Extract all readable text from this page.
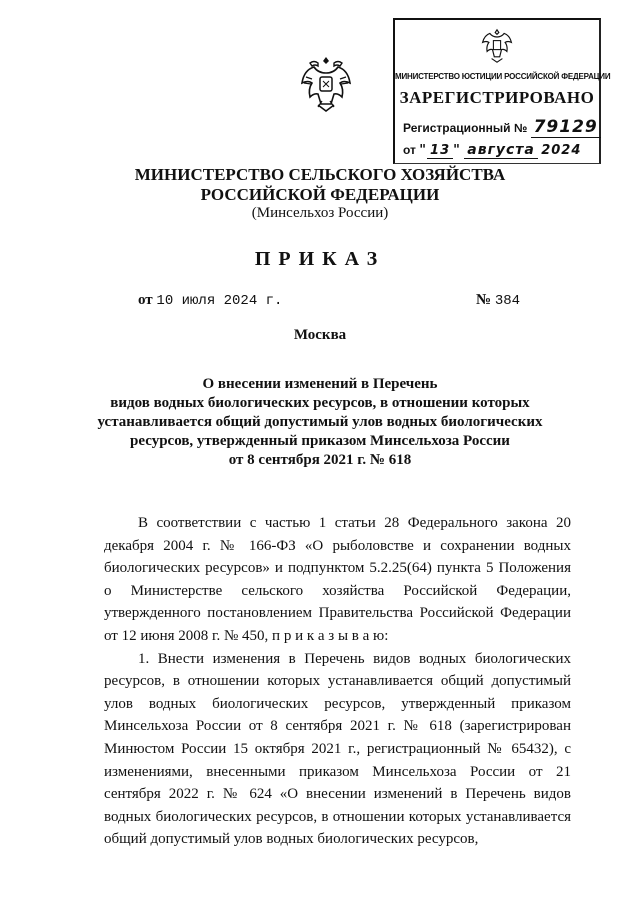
МИНИСТЕРСТВО ЮСТИЦИИ РОССИЙСКОЙ ФЕДЕРАЦИИ
ЗАРЕГИСТРИРОВАНО
Регистрационный № 79129
от " 13 " августа 2024
МИНИСТЕРСТВО СЕЛЬСКОГО ХОЗЯЙСТВА
РОССИЙСКОЙ ФЕДЕРАЦИИ
(Минсельхоз России)
ПРИКАЗ
от 10 июля 2024 г.	№ 384
Москва
О внесении изменений в Перечень
видов водных биологических ресурсов, в отношении которых
устанавливается общий допустимый улов водных биологических
ресурсов, утвержденный приказом Минсельхоза России
от 8 сентября 2021 г. № 618

В соответствии с частью 1 статьи 28 Федерального закона 20 декабря 2004 г. № 166-ФЗ «О рыболовстве и сохранении водных биологических ресурсов» и подпунктом 5.2.25(64) пункта 5 Положения о Министерстве сельского хозяйства Российской Федерации, утвержденного постановлением Правительства Российской Федерации от 12 июня 2008 г. № 450, п р и к а з ы в а ю:

1. Внести изменения в Перечень видов водных биологических ресурсов, в отношении которых устанавливается общий допустимый улов водных биологических ресурсов, утвержденный приказом Минсельхоза России от 8 сентября 2021 г. № 618 (зарегистрирован Минюстом России 15 октября 2021 г., регистрационный № 65432), с изменениями, внесенными приказом Минсельхоза России от 21 сентября 2022 г. № 624 «О внесении изменений в Перечень видов водных биологических ресурсов, в отношении которых устанавливается общий допустимый улов водных биологических ресурсов,
